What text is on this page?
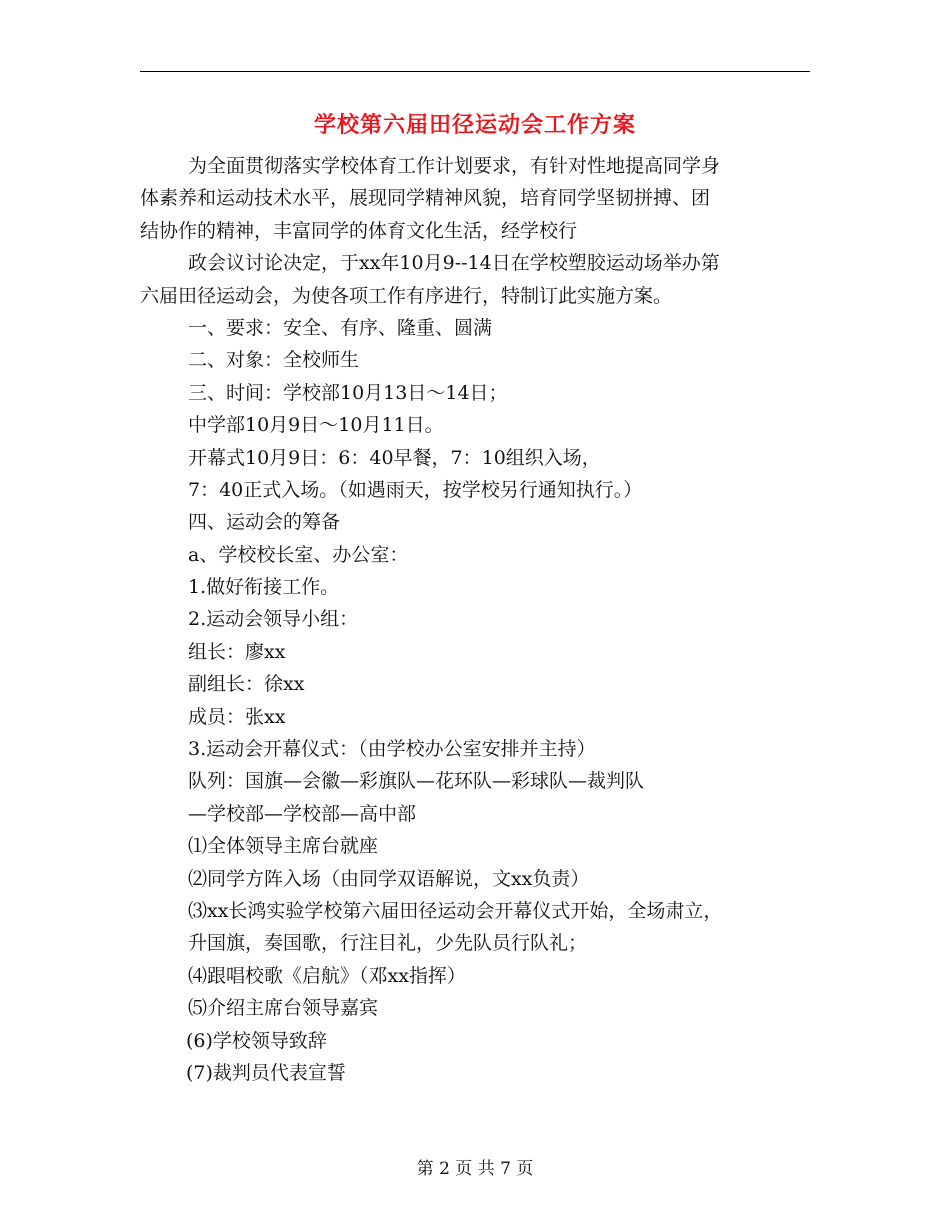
学校第六届田径运动会工作方案
为全面贯彻落实学校体育工作计划要求，有针对性地提高同学身
体素养和运动技术水平，展现同学精神风貌，培育同学坚韧拼搏、团
结协作的精神，丰富同学的体育文化生活，经学校行
政会议讨论决定，于xx年10月9--14日在学校塑胶运动场举办第
六届田径运动会，为使各项工作有序进行，特制订此实施方案。
一、要求：安全、有序、隆重、圆满
二、对象：全校师生
三、时间：学校部10月13日～14日；
中学部10月9日～10月11日。
开幕式10月9日：6：40早餐，7：10组织入场，
7：40正式入场。（如遇雨天，按学校另行通知执行。）
四、运动会的筹备
a、学校校长室、办公室：
1.做好衔接工作。
2.运动会领导小组：
组长：廖xx
副组长：徐xx
成员：张xx
3.运动会开幕仪式：（由学校办公室安排并主持）
队列：国旗—会徽—彩旗队—花环队—彩球队—裁判队
—学校部—学校部—高中部
⑴全体领导主席台就座
⑵同学方阵入场（由同学双语解说，文xx负责）
⑶xx长鸿实验学校第六届田径运动会开幕仪式开始，全场肃立，
升国旗，奏国歌，行注目礼，少先队员行队礼；
⑷跟唱校歌《启航》（邓xx指挥）
⑸介绍主席台领导嘉宾
(6)学校领导致辞
(7)裁判员代表宣誓
第 2 页 共 7 页
